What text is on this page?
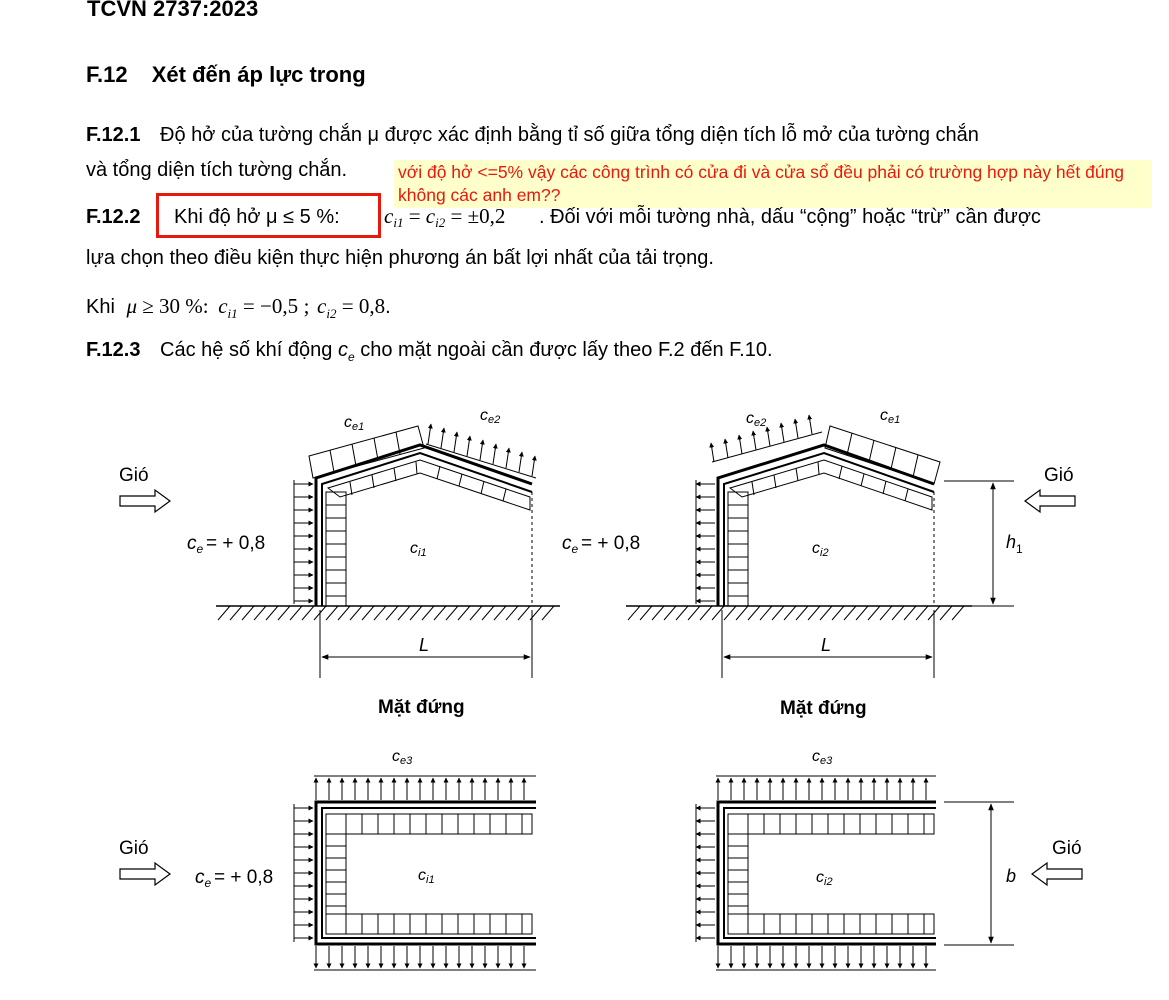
TCVN 2737:2023
F.12 Xét đến áp lực trong
F.12.1 Độ hở của tường chắn μ được xác định bằng tỉ số giữa tổng diện tích lỗ mở của tường chắn
và tổng diện tích tường chắn.	với độ hở <=5% vậy các công trình có cửa đi và cửa sổ đều phải có trường hợp này hết đúng không các anh em??
F.12.2 Khi độ hở μ ≤ 5 %: $c_{i1} = c_{i2} = \pm 0,2$ . Đối với mỗi tường nhà, dấu “cộng” hoặc “trừ” cần được
lựa chọn theo điều kiện thực hiện phương án bất lợi nhất của tải trọng.
Khi μ ≥ 30 %: $c_{i1} = -0,5$ ; $c_{i2} = 0,8$.
F.12.3 Các hệ số khí động $c_e$ cho mặt ngoài cần được lấy theo F.2 đến F.10.
Gió	Gió
Gió	Gió
$c_e$ = + 0,8	$c_e$ = + 0,8
$c_e$ = + 0,8
ce1
ce2	ce2	ce1
ci1	ci2
ce3	ce3
ci1	ci2
L	L
h 1
b
Mặt đứng	Mặt đứng
